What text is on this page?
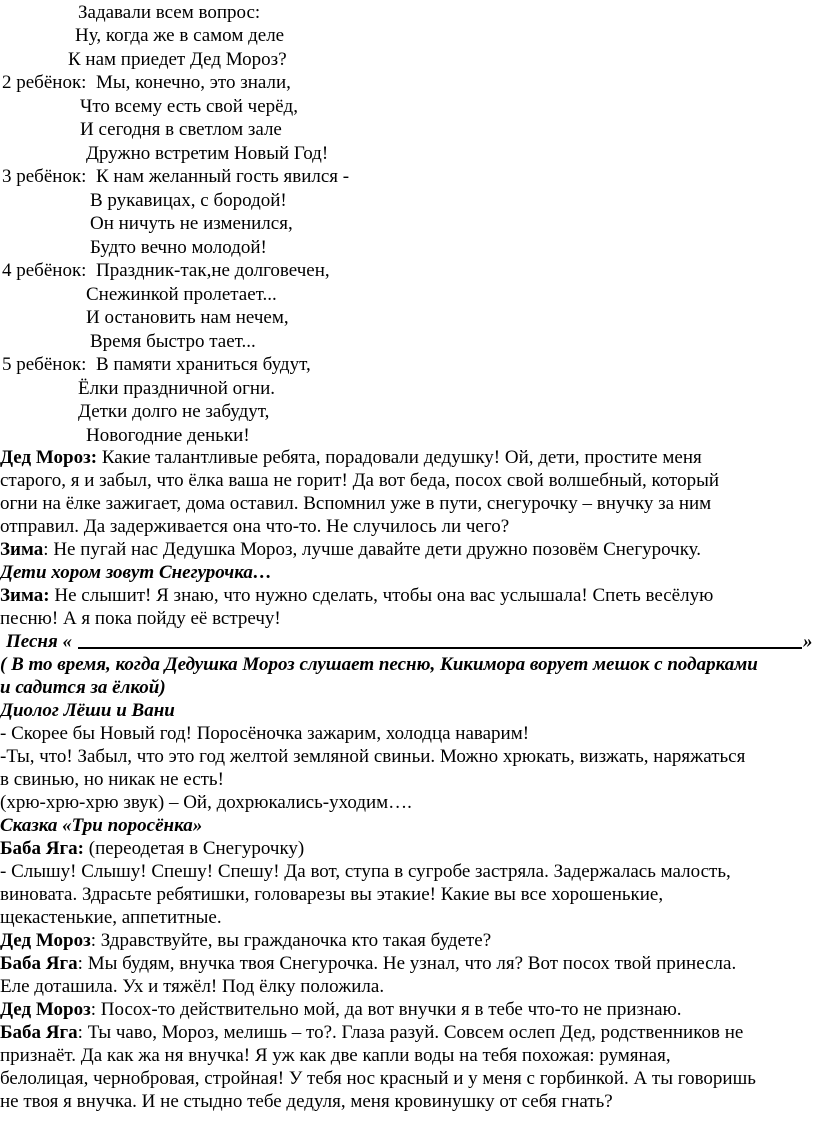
Задавали всем вопрос:
Ну, когда же в самом деле
К нам приедет Дед Мороз?
2 ребёнок: Мы, конечно, это знали,
Что всему есть свой черёд,
И сегодня в светлом зале
Дружно встретим Новый Год!
3 ребёнок: К нам желанный гость явился -
В рукавицах, с бородой!
Он ничуть не изменился,
Будто вечно молодой!
4 ребёнок: Праздник-так,не долговечен,
Снежинкой пролетает...
И остановить нам нечем,
Время быстро тает...
5 ребёнок: В памяти храниться будут,
Ёлки праздничной огни.
Детки долго не забудут,
Новогодние деньки!
Дед Мороз: Какие талантливые ребята, порадовали дедушку! Ой, дети, простите меня
старого, я и забыл, что ёлка ваша не горит! Да вот беда, посох свой волшебный, который
огни на ёлке зажигает, дома оставил. Вспомнил уже в пути, снегурочку – внучку за ним
отправил. Да задерживается она что-то. Не случилось ли чего?
Зима: Не пугай нас Дедушка Мороз, лучше давайте дети дружно позовём Снегурочку.
Дети хором зовут Снегурочка…
Зима: Не слышит! Я знаю, что нужно сделать, чтобы она вас услышала! Спеть весёлую
песню! А я пока пойду её встречу!
Песня «	»
( В то время, когда Дедушка Мороз слушает песню, Кикимора ворует мешок с подарками
и садится за ёлкой)
Диолог Лёши и Вани
- Скорее бы Новый год! Поросёночка зажарим, холодца наварим!
-Ты, что! Забыл, что это год желтой земляной свиньи. Можно хрюкать, визжать, наряжаться
в свинью, но никак не есть!
(хрю-хрю-хрю звук) – Ой, дохрюкались-уходим….
Сказка «Три поросёнка»
Баба Яга: (переодетая в Снегурочку)
- Слышу! Слышу! Спешу! Спешу! Да вот, ступа в сугробе застряла. Задержалась малость,
виновата. Здрасьте ребятишки, головарезы вы этакие! Какие вы все хорошенькие,
щекастенькие, аппетитные.
Дед Мороз: Здравствуйте, вы гражданочка кто такая будете?
Баба Яга: Мы будям, внучка твоя Снегурочка. Не узнал, что ля? Вот посох твой принесла.
Еле доташила. Ух и тяжёл! Под ёлку положила.
Дед Мороз: Посох-то действительно мой, да вот внучки я в тебе что-то не признаю.
Баба Яга: Ты чаво, Мороз, мелишь – то?. Глаза разуй. Совсем ослеп Дед, родственников не
признаёт. Да как жа ня внучка! Я уж как две капли воды на тебя похожая: румяная,
белолицая, чернобровая, стройная! У тебя нос красный и у меня с горбинкой. А ты говоришь
не твоя я внучка. И не стыдно тебе дедуля, меня кровинушку от себя гнать?
